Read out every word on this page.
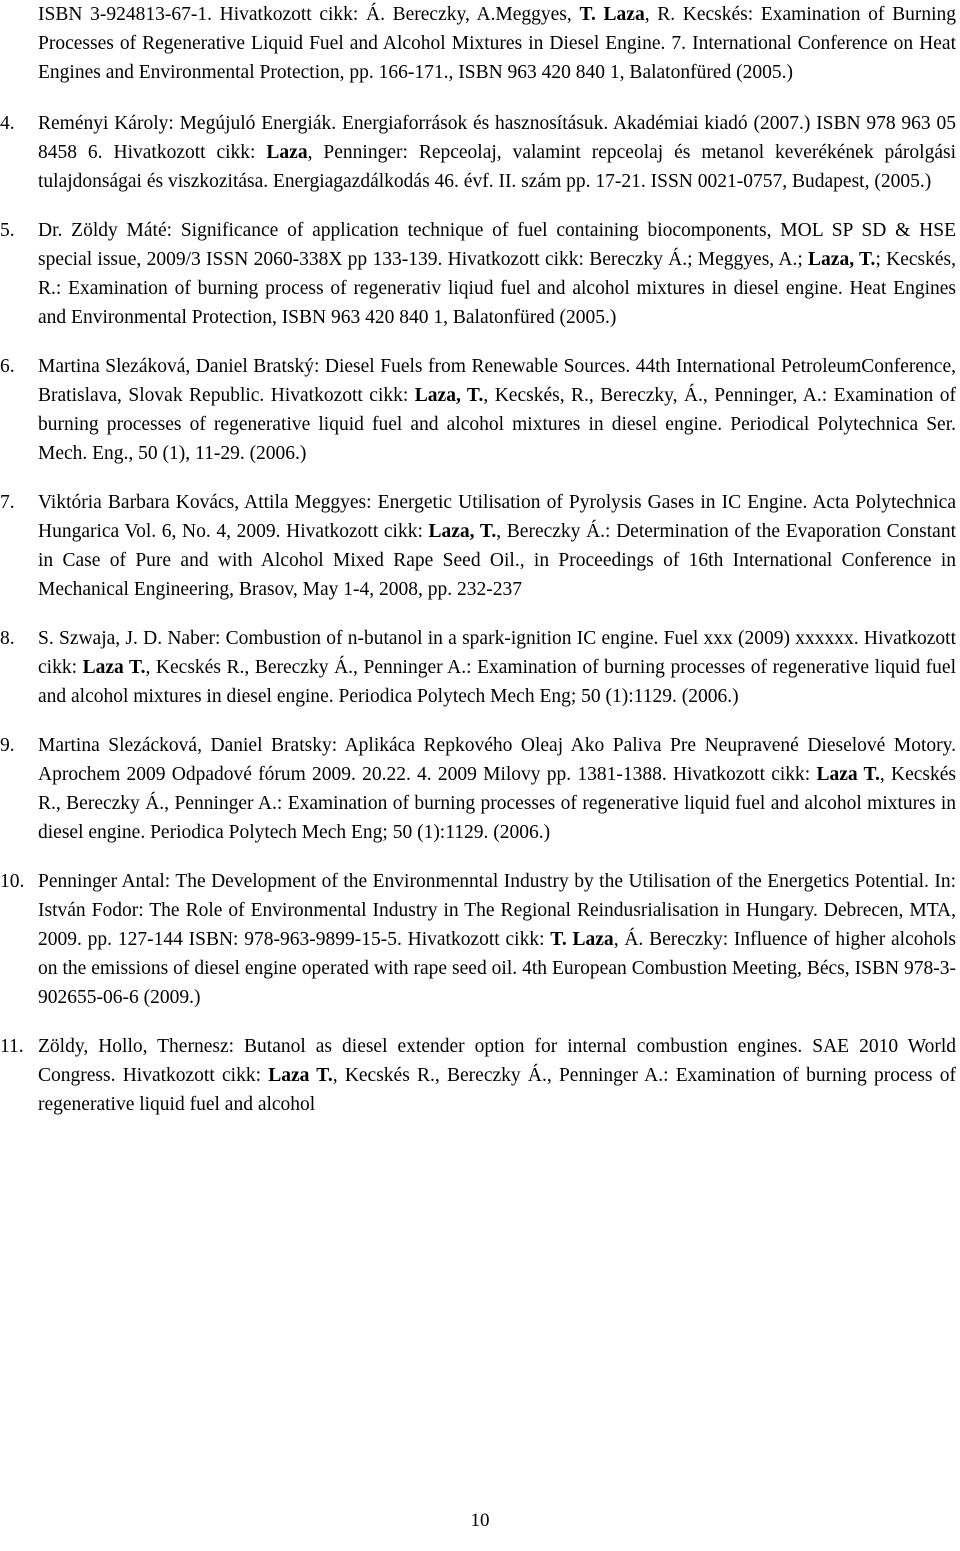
ISBN 3-924813-67-1. Hivatkozott cikk: Á. Bereczky, A.Meggyes, T. Laza, R. Kecskés: Examination of Burning Processes of Regenerative Liquid Fuel and Alcohol Mixtures in Diesel Engine. 7. International Conference on Heat Engines and Environmental Protection, pp. 166-171., ISBN 963 420 840 1, Balatonfüred (2005.)

4.	Reményi Károly: Megújuló Energiák. Energiaforrások és hasznosításuk. Akadémiai kiadó (2007.) ISBN 978 963 05 8458 6. Hivatkozott cikk: Laza, Penninger: Repceolaj, valamint repceolaj és metanol keverékének párolgási tulajdonságai és viszkozitása. Energiagazdálkodás 46. évf. II. szám pp. 17-21. ISSN 0021-0757, Budapest, (2005.)

5.	Dr. Zöldy Máté: Significance of application technique of fuel containing biocomponents, MOL SP SD & HSE special issue, 2009/3 ISSN 2060-338X pp 133-139. Hivatkozott cikk: Bereczky Á.; Meggyes, A.; Laza, T.; Kecskés, R.: Examination of burning process of regenerativ liqiud fuel and alcohol mixtures in diesel engine. Heat Engines and Environmental Protection, ISBN 963 420 840 1, Balatonfüred (2005.)

6.	Martina Slezáková, Daniel Bratský: Diesel Fuels from Renewable Sources. 44th International PetroleumConference, Bratislava, Slovak Republic. Hivatkozott cikk: Laza, T., Kecskés, R., Bereczky, Á., Penninger, A.: Examination of burning processes of regenerative liquid fuel and alcohol mixtures in diesel engine. Periodical Polytechnica Ser. Mech. Eng., 50 (1), 11-29. (2006.)

7.	Viktória Barbara Kovács, Attila Meggyes: Energetic Utilisation of Pyrolysis Gases in IC Engine. Acta Polytechnica Hungarica Vol. 6, No. 4, 2009. Hivatkozott cikk: Laza, T., Bereczky Á.: Determination of the Evaporation Constant in Case of Pure and with Alcohol Mixed Rape Seed Oil., in Proceedings of 16th International Conference in Mechanical Engineering, Brasov, May 1-4, 2008, pp. 232-237

8.	S. Szwaja, J. D. Naber: Combustion of n-butanol in a spark-ignition IC engine. Fuel xxx (2009) xxxxxx. Hivatkozott cikk: Laza T., Kecskés R., Bereczky Á., Penninger A.: Examination of burning processes of regenerative liquid fuel and alcohol mixtures in diesel engine. Periodica Polytech Mech Eng; 50 (1):1129. (2006.)

9.	Martina Slezácková, Daniel Bratsky: Aplikáca Repkového Oleaj Ako Paliva Pre Neupravené Dieselové Motory. Aprochem 2009 Odpadové fórum 2009. 20.22. 4. 2009 Milovy pp. 1381-1388. Hivatkozott cikk: Laza T., Kecskés R., Bereczky Á., Penninger A.: Examination of burning processes of regenerative liquid fuel and alcohol mixtures in diesel engine. Periodica Polytech Mech Eng; 50 (1):1129. (2006.)

10. Penninger Antal: The Development of the Environmenntal Industry by the Utilisation of the Energetics Potential. In: István Fodor: The Role of Environmental Industry in The Regional Reindusrialisation in Hungary. Debrecen, MTA, 2009. pp. 127-144 ISBN: 978-963-9899-15-5. Hivatkozott cikk: T. Laza, Á. Bereczky: Influence of higher alcohols on the emissions of diesel engine operated with rape seed oil. 4th European Combustion Meeting, Bécs, ISBN 978-3-902655-06-6 (2009.)

11. Zöldy, Hollo, Thernesz: Butanol as diesel extender option for internal combustion engines. SAE 2010 World Congress. Hivatkozott cikk: Laza T., Kecskés R., Bereczky Á., Penninger A.: Examination of burning process of regenerative liquid fuel and alcohol

10
